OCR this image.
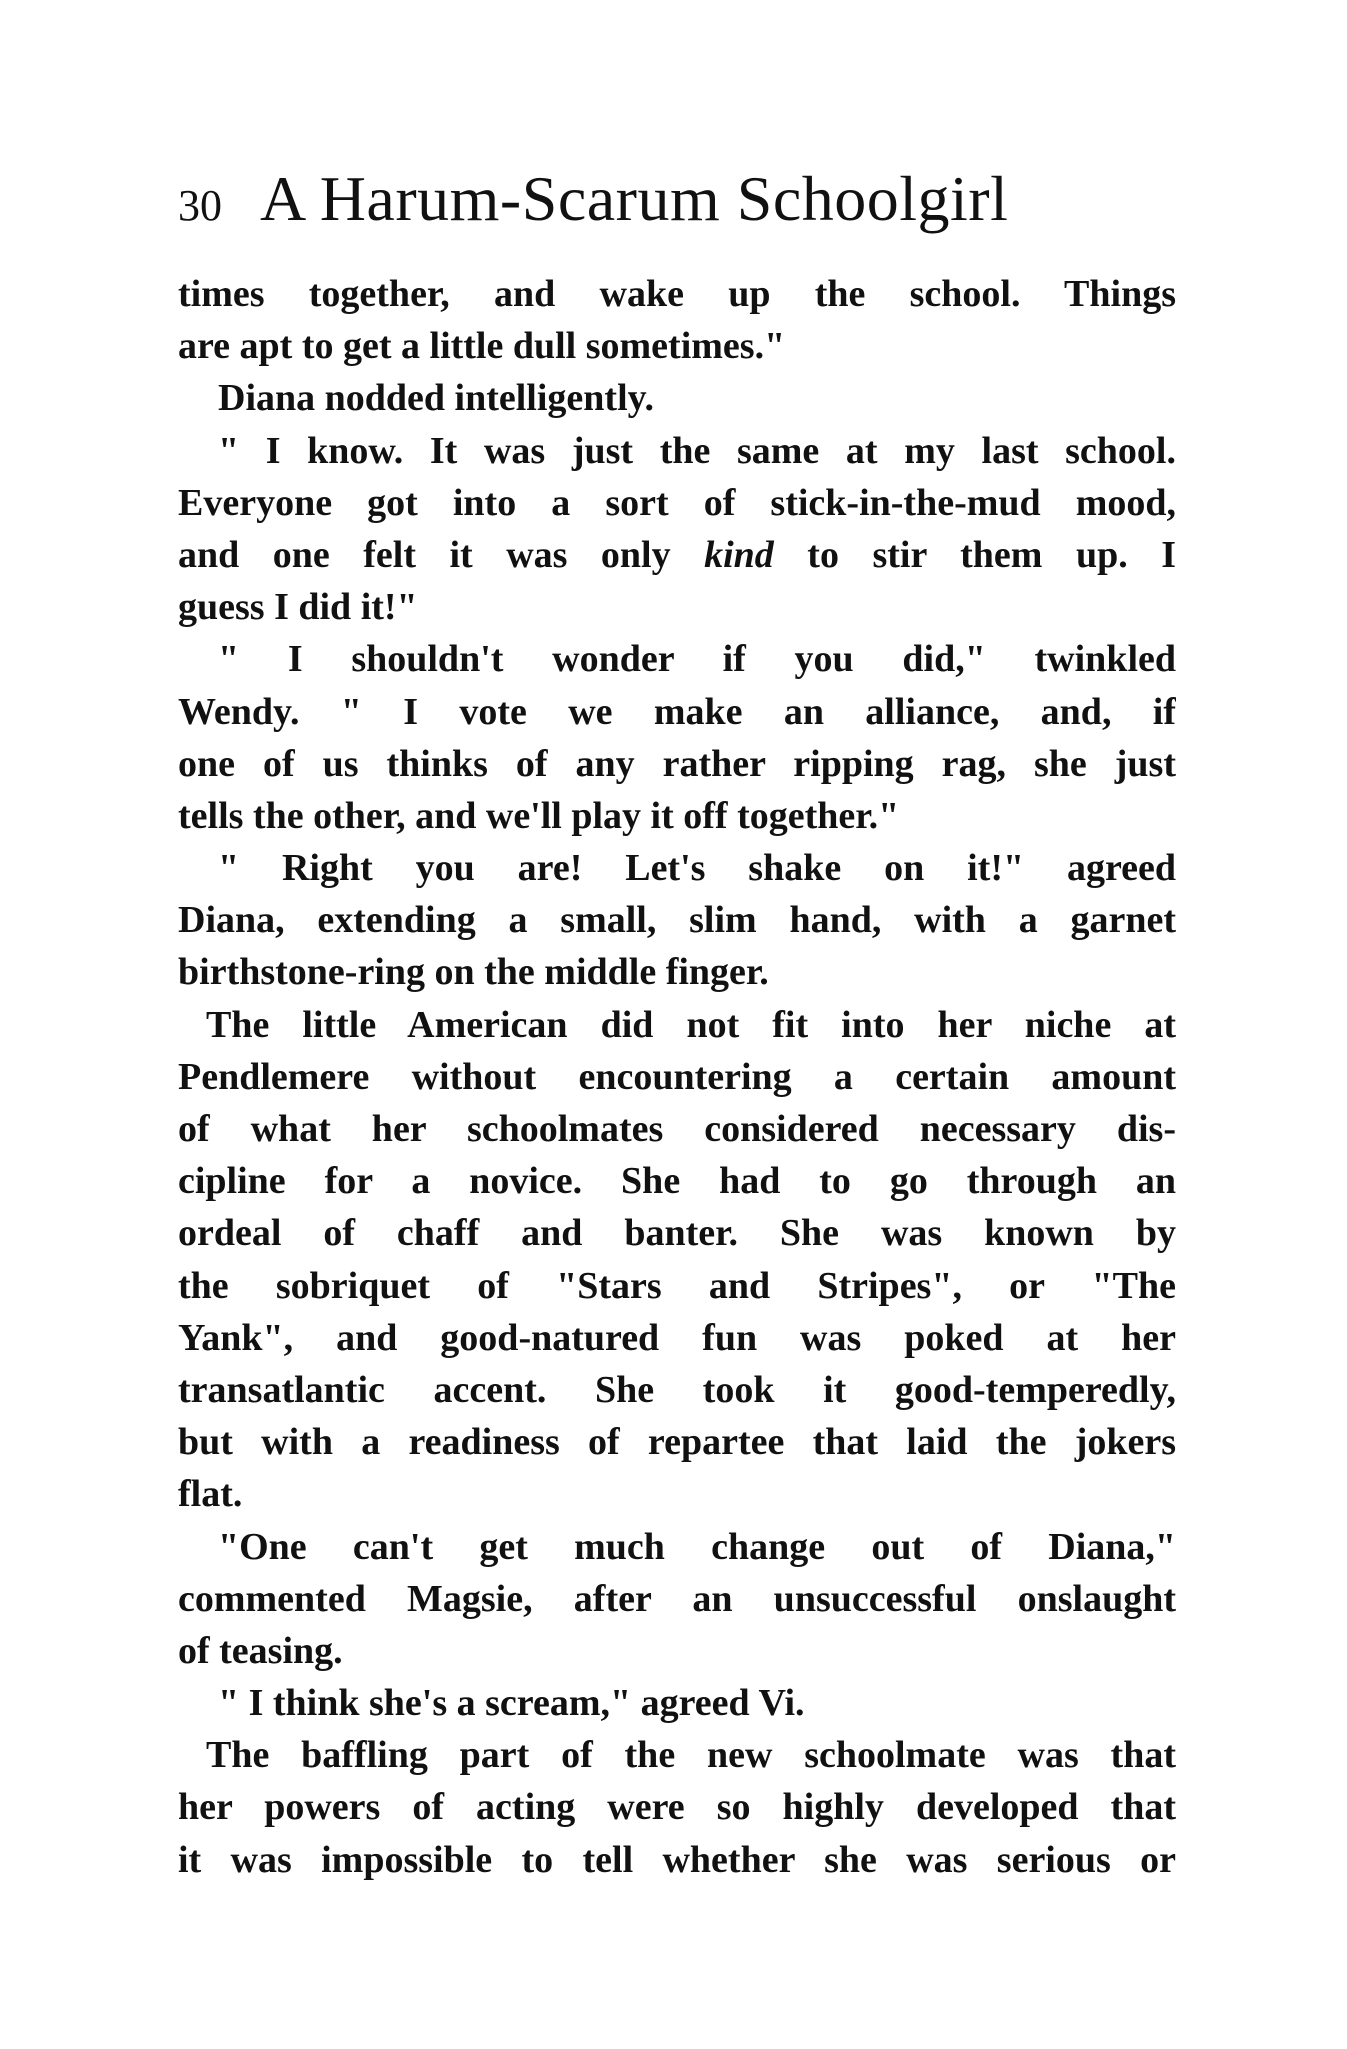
30 A Harum-Scarum Schoolgirl
times together, and wake up the school. Things
are apt to get a little dull sometimes."
Diana nodded intelligently.
" I know. It was just the same at my last school.
Everyone got into a sort of stick-in-the-mud mood,
and one felt it was only kind to stir them up. I
guess I did it!"
" I shouldn't wonder if you did," twinkled
Wendy. " I vote we make an alliance, and, if
one of us thinks of any rather ripping rag, she just
tells the other, and we'll play it off together."
" Right you are! Let's shake on it!" agreed
Diana, extending a small, slim hand, with a garnet
birthstone-ring on the middle finger.
The little American did not fit into her niche at
Pendlemere without encountering a certain amount
of what her schoolmates considered necessary dis-
cipline for a novice. She had to go through an
ordeal of chaff and banter. She was known by
the sobriquet of "Stars and Stripes", or "The
Yank", and good-natured fun was poked at her
transatlantic accent. She took it good-temperedly,
but with a readiness of repartee that laid the jokers
flat.
"One can't get much change out of Diana,"
commented Magsie, after an unsuccessful onslaught
of teasing.
" I think she's a scream," agreed Vi.
The baffling part of the new schoolmate was that
her powers of acting were so highly developed that
it was impossible to tell whether she was serious or
